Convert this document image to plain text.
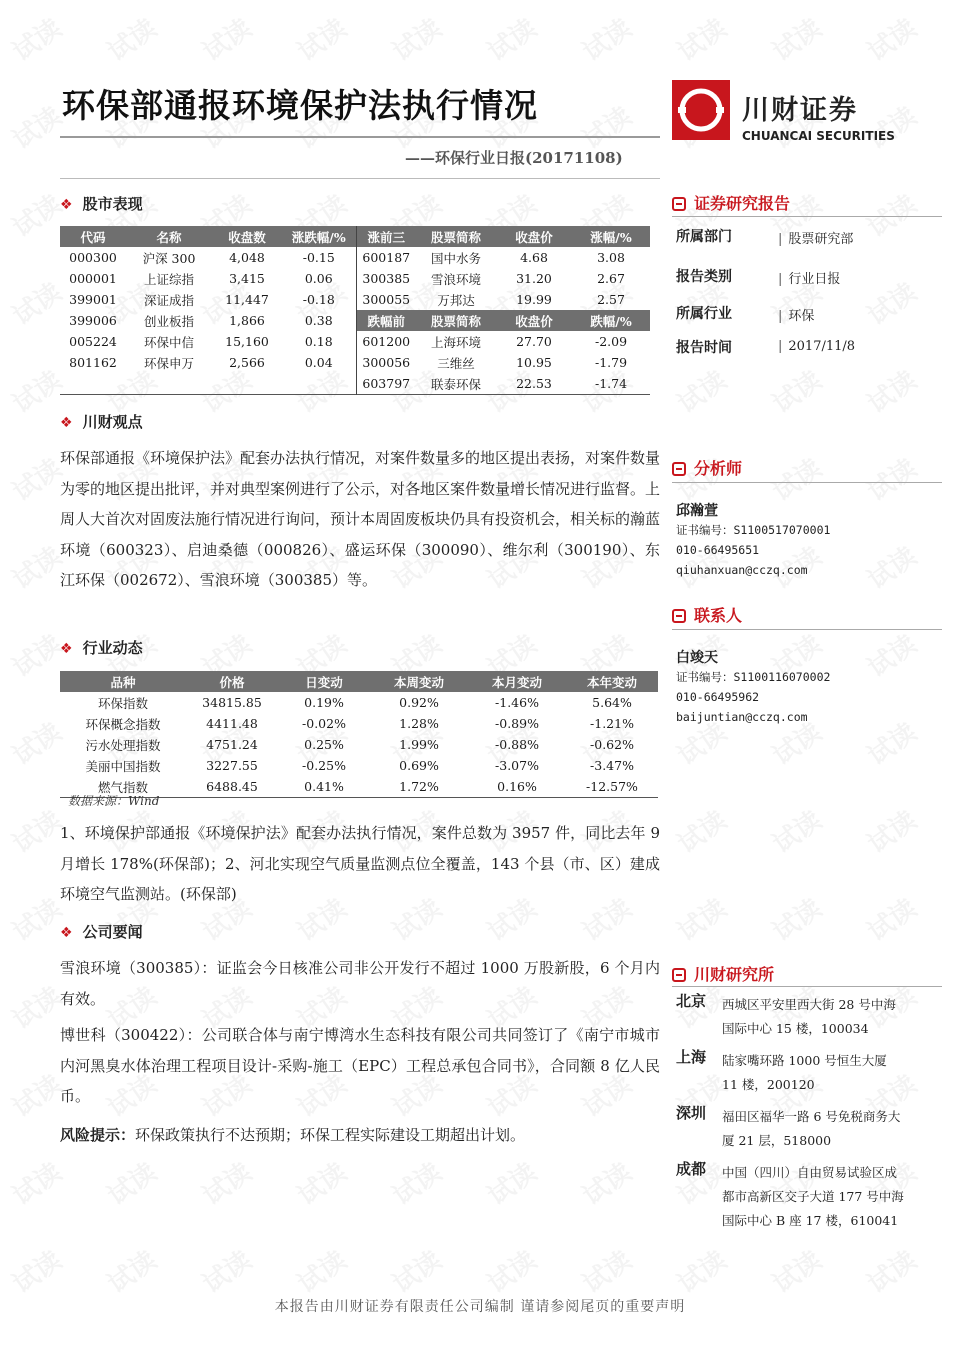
环保部通报环境保护法执行情况
——环保行业日报(20171108)
川财证券
CHUANCAI SECURITIES
❖ 股市表现
代码	名称	收盘数	涨跌幅/%	涨前三	股票简称	收盘价	涨幅/%
000300	沪深 300	4,048	-0.15	600187	国中水务	4.68	3.08
000001	上证综指	3,415	0.06	300385	雪浪环境	31.20	2.67
399001	深证成指	11,447	-0.18	300055	万邦达	19.99	2.57
399006	创业板指	1,866	0.38	跌幅前	股票简称	收盘价	跌幅/%
005224	环保中信	15,160	0.18	601200	上海环境	27.70	-2.09
801162	环保申万	2,566	0.04	300056	三维丝	10.95	-1.79
				603797	联泰环保	22.53	-1.74
❖ 川财观点
环保部通报《环境保护法》配套办法执行情况，对案件数量多的地区提出表扬，对案件数量为零的地区提出批评，并对典型案例进行了公示，对各地区案件数量增长情况进行监督。上周人大首次对固废法施行情况进行询问，预计本周固废板块仍具有投资机会，相关标的瀚蓝环境（600323）、启迪桑德（000826）、盛运环保（300090）、维尔利（300190）、东江环保（002672）、雪浪环境（300385）等。
❖ 行业动态
品种	价格	日变动	本周变动	本月变动	本年变动
环保指数	34815.85	0.19%	0.92%	-1.46%	5.64%
环保概念指数	4411.48	-0.02%	1.28%	-0.89%	-1.21%
污水处理指数	4751.24	0.25%	1.99%	-0.88%	-0.62%
美丽中国指数	3227.55	-0.25%	0.69%	-3.07%	-3.47%
燃气指数	6488.45	0.41%	1.72%	0.16%	-12.57%
数据来源：Wind
1、环境保护部通报《环境保护法》配套办法执行情况，案件总数为 3957 件，同比去年 9 月增长 178%(环保部)；2、河北实现空气质量监测点位全覆盖，143 个县（市、区）建成环境空气监测站。(环保部)
❖ 公司要闻
雪浪环境（300385）：证监会今日核准公司非公开发行不超过 1000 万股新股，6 个月内有效。
博世科（300422）：公司联合体与南宁博湾水生态科技有限公司共同签订了《南宁市城市内河黑臭水体治理工程项目设计-采购-施工（EPC）工程总承包合同书》，合同额 8 亿人民币。
风险提示：环保政策执行不达预期；环保工程实际建设工期超出计划。
证券研究报告
所属部门	| 股票研究部
报告类别	| 行业日报
所属行业	| 环保
报告时间	| 2017/11/8
分析师
邱瀚萱
证书编号：S1100517070001
010-66495651
qiuhanxuan@cczq.com
联系人
白竣天
证书编号：S1100116070002
010-66495962
baijuntian@cczq.com
川财研究所
北京 西城区平安里西大街 28 号中海国际中心 15 楼，100034
上海 陆家嘴环路 1000 号恒生大厦 11 楼，200120
深圳 福田区福华一路 6 号免税商务大厦 21 层，518000
成都 中国（四川）自由贸易试验区成都市高新区交子大道 177 号中海国际中心 B 座 17 楼，610041
本报告由川财证券有限责任公司编制 谨请参阅尾页的重要声明
